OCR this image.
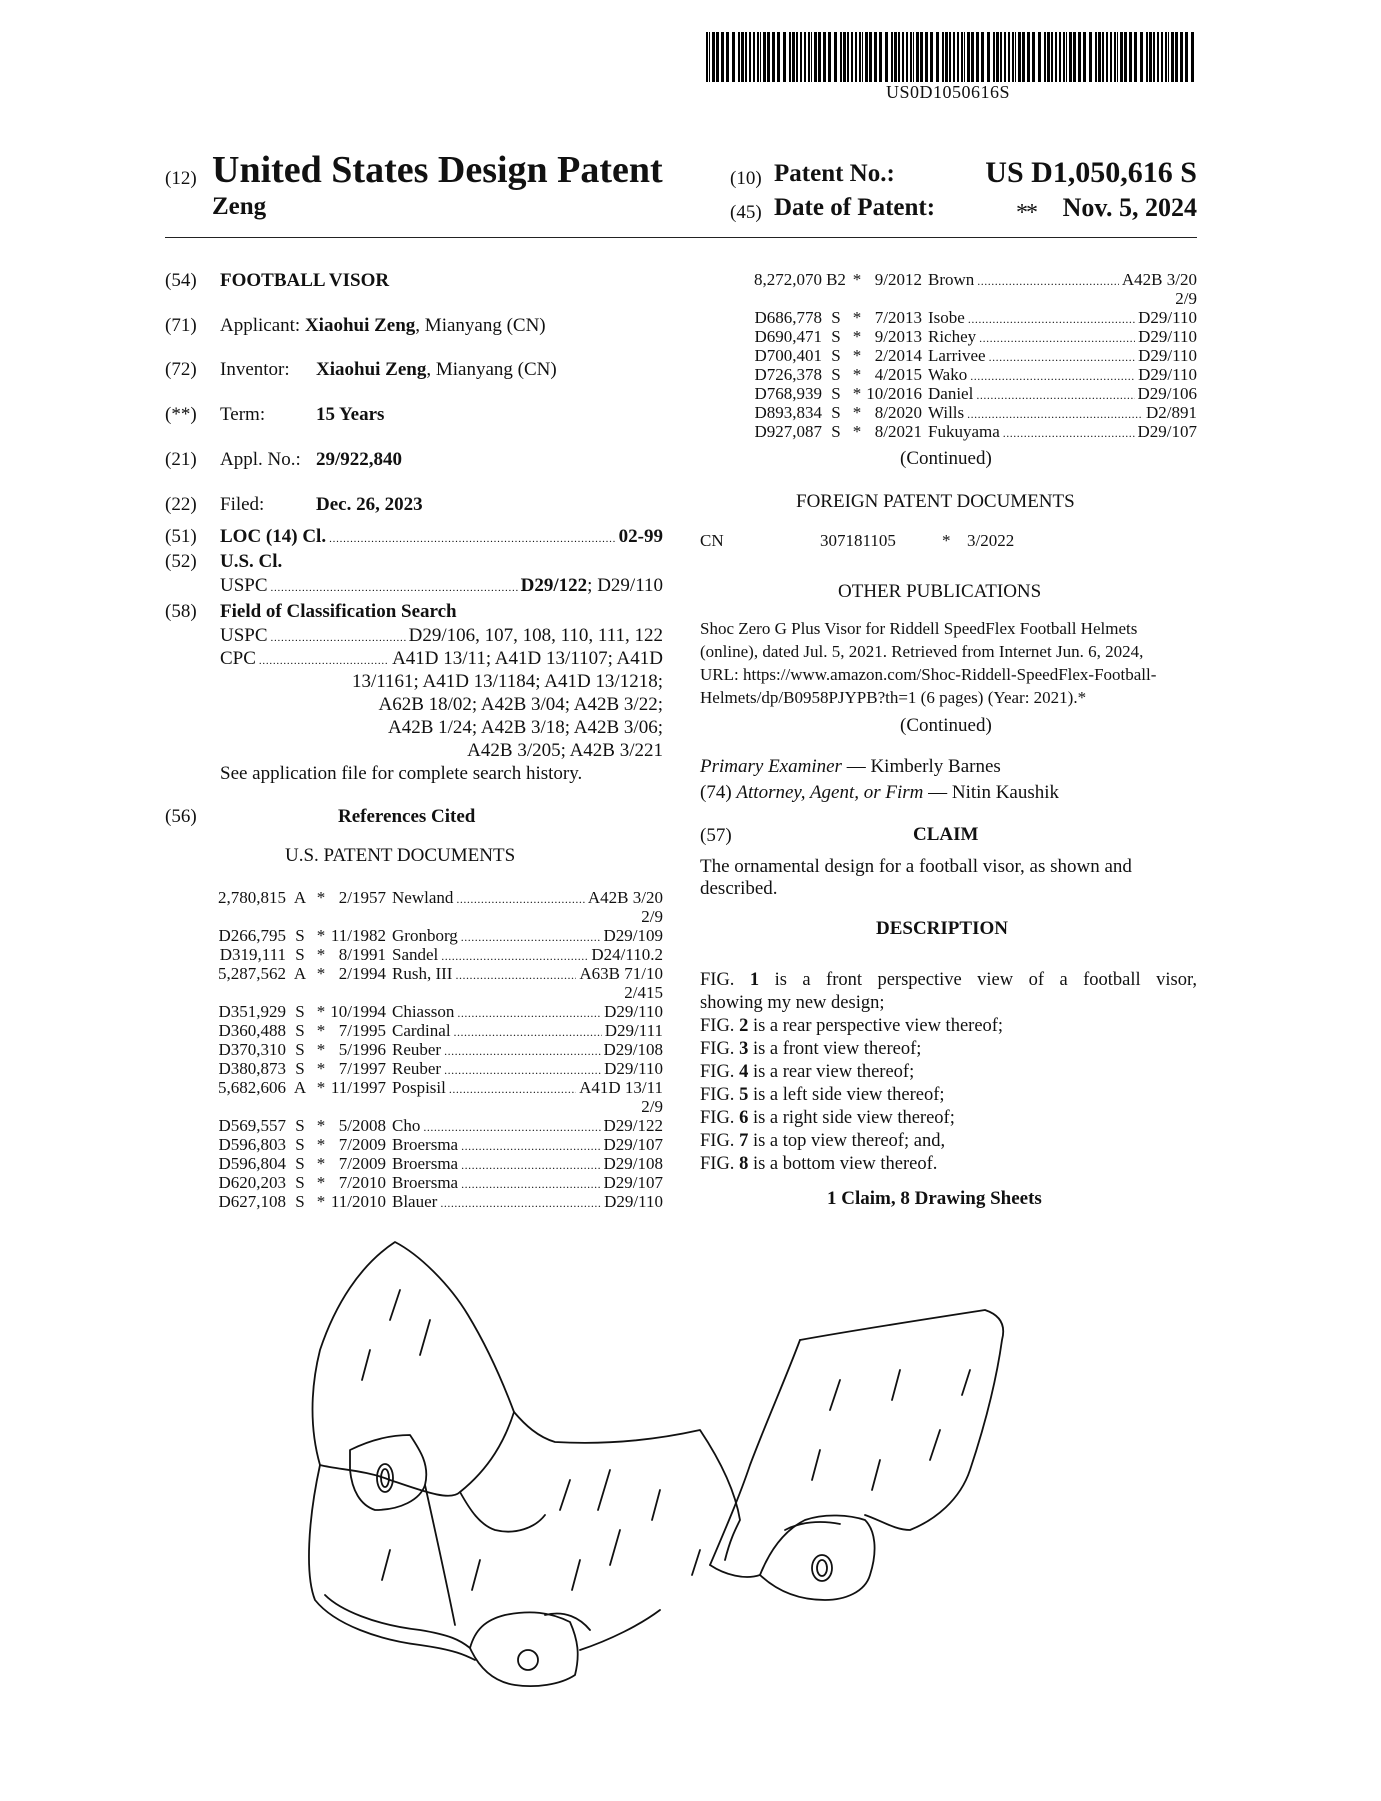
US0D1050616S
(12) United States Design Patent
Zeng
(10) Patent No.:	US D1,050,616 S
(45) Date of Patent:	** Nov. 5, 2024
(54) FOOTBALL VISOR
(71) Applicant: Xiaohui Zeng, Mianyang (CN)
(72) Inventor: Xiaohui Zeng, Mianyang (CN)
(**) Term:	15 Years
(21) Appl. No.: 29/922,840
(22) Filed:	Dec. 26, 2023
(51) LOC (14) Cl. . . .	02-99
(52) U.S. Cl.
USPC . . .	D29/122; D29/110
(58) Field of Classification Search
USPC . . .	D29/106, 107, 108, 110, 111, 122
CPC . . .	A41D 13/11; A41D 13/1107; A41D
13/1161; A41D 13/1184; A41D 13/1218;
A62B 18/02; A42B 3/04; A42B 3/22;
A42B 1/24; A42B 3/18; A42B 3/06;
A42B 3/205; A42B 3/221
See application file for complete search history.
(56)	References Cited
U.S. PATENT DOCUMENTS
2,780,815 A * 2/1957 Newland .....	A42B 3/20
2/9
D266,795 S * 11/1982 Gronborg .....	D29/109
D319,111 S * 8/1991 Sandel .....	D24/110.2
5,287,562 A * 2/1994 Rush, III .....	A63B 71/10
2/415
D351,929 S * 10/1994 Chiasson .....	D29/110
D360,488 S * 7/1995 Cardinal .....	D29/111
D370,310 S * 5/1996 Reuber .....	D29/108
D380,873 S * 7/1997 Reuber .....	D29/110
5,682,606 A * 11/1997 Pospisil .....	A41D 13/11
2/9
D569,557 S * 5/2008 Cho .....	D29/122
D596,803 S * 7/2009 Broersma .....	D29/107
D596,804 S * 7/2009 Broersma .....	D29/108
D620,203 S * 7/2010 Broersma .....	D29/107
D627,108 S * 11/2010 Blauer .....	D29/110
8,272,070 B2 * 9/2012 Brown .....	A42B 3/20
2/9
D686,778 S * 7/2013 Isobe .....	D29/110
D690,471 S * 9/2013 Richey .....	D29/110
D700,401 S * 2/2014 Larrivee .....	D29/110
D726,378 S * 4/2015 Wako .....	D29/110
D768,939 S * 10/2016 Daniel .....	D29/106
D893,834 S * 8/2020 Wills .....	D2/891
D927,087 S * 8/2021 Fukuyama .....	D29/107
(Continued)
FOREIGN PATENT DOCUMENTS
CN	307181105	* 3/2022
OTHER PUBLICATIONS
Shoc Zero G Plus Visor for Riddell SpeedFlex Football Helmets
(online), dated Jul. 5, 2021. Retrieved from Internet Jun. 6, 2024,
URL: https://www.amazon.com/Shoc-Riddell-SpeedFlex-Football-
Helmets/dp/B0958PJYPB?th=1 (6 pages) (Year: 2021).*
(Continued)
Primary Examiner — Kimberly Barnes
(74) Attorney, Agent, or Firm — Nitin Kaushik
(57)	CLAIM
The ornamental design for a football visor, as shown and
described.
DESCRIPTION
FIG. 1 is a front perspective view of a football visor,
showing my new design;
FIG. 2 is a rear perspective view thereof;
FIG. 3 is a front view thereof;
FIG. 4 is a rear view thereof;
FIG. 5 is a left side view thereof;
FIG. 6 is a right side view thereof;
FIG. 7 is a top view thereof; and,
FIG. 8 is a bottom view thereof.
1 Claim, 8 Drawing Sheets
